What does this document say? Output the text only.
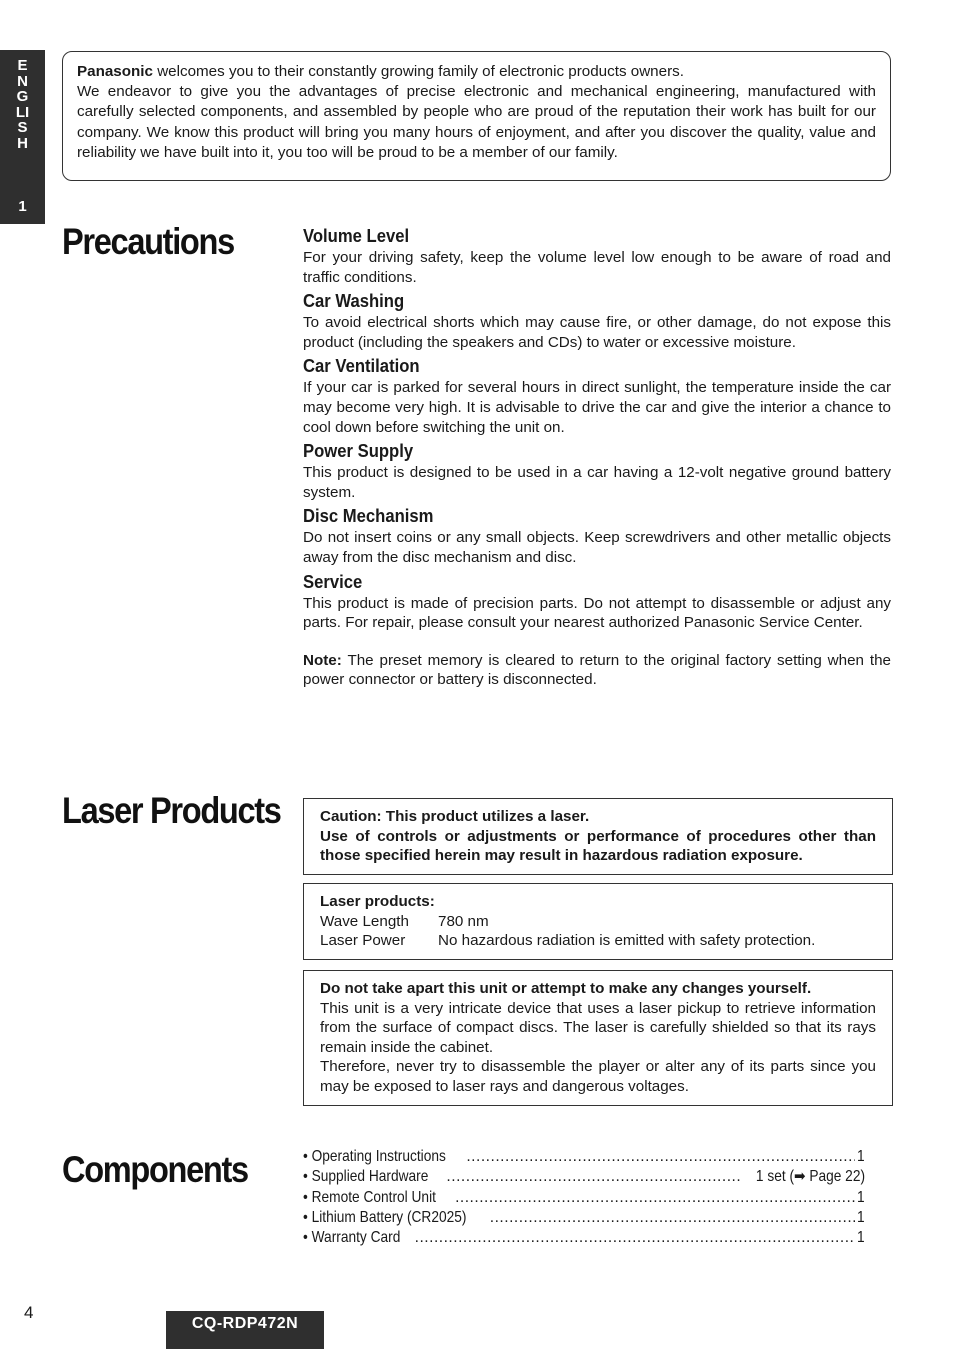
ENGLISH
1
Panasonic welcomes you to their constantly growing family of electronic products owners.
We endeavor to give you the advantages of precise electronic and mechanical engineering, manufactured with carefully selected components, and assembled by people who are proud of the reputation their work has built for our company. We know this product will bring you many hours of enjoyment, and after you discover the quality, value and reliability we have built into it, you too will be proud to be a member of our family.
Precautions	Volume Level

For your driving safety, keep the volume level low enough to be aware of road and traffic conditions.

Car Washing

To avoid electrical shorts which may cause fire, or other damage, do not expose this product (including the speakers and CDs) to water or excessive moisture.

Car Ventilation

If your car is parked for several hours in direct sunlight, the temperature inside the car may become very high. It is advisable to drive the car and give the interior a chance to cool down before switching the unit on.

Power Supply

This product is designed to be used in a car having a 12-volt negative ground battery system.

Disc Mechanism

Do not insert coins or any small objects. Keep screwdrivers and other metallic objects away from the disc mechanism and disc.

Service

This product is made of precision parts. Do not attempt to disassemble or adjust any parts. For repair, please consult your nearest authorized Panasonic Service Center.

Note: The preset memory is cleared to return to the original factory setting when the power connector or battery is disconnected.

Laser Products	Caution: This product utilizes a laser.
Use of controls or adjustments or performance of procedures other than those specified herein may result in hazardous radiation exposure.
Laser products:
Wave Length	780 nm
Laser Power	No hazardous radiation is emitted with safety protection.
Do not take apart this unit or attempt to make any changes yourself.
This unit is a very intricate device that uses a laser pickup to retrieve information from the surface of compact discs. The laser is carefully shielded so that its rays remain inside the cabinet.
Therefore, never try to disassemble the player or alter any of its parts since you may be exposed to laser rays and dangerous voltages.
Components	• Operating Instructions .....	1
• Supplied Hardware .....	1 set (➡ Page 22)
• Remote Control Unit .....	1
• Lithium Battery (CR2025) .....	1
• Warranty Card .....	1
4
CQ-RDP472N
